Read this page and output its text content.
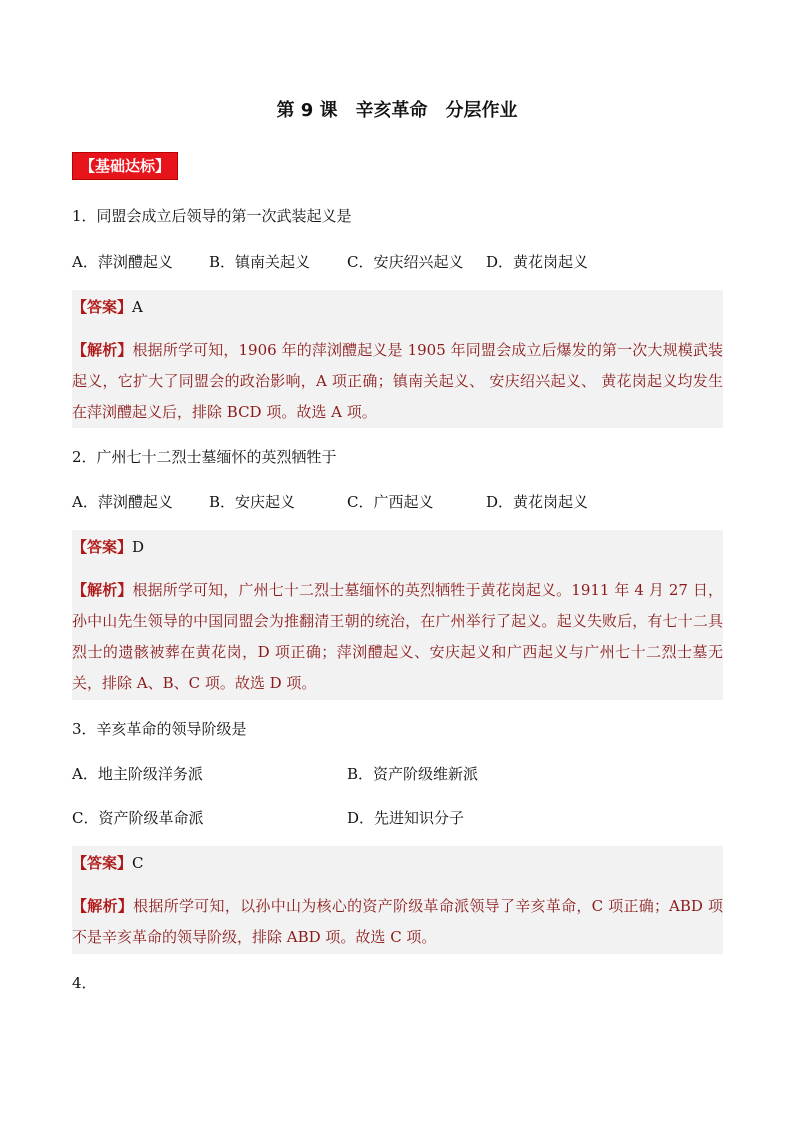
第 9 课　辛亥革命　分层作业
【基础达标】
1．同盟会成立后领导的第一次武装起义是
A．萍浏醴起义 B．镇南关起义 C．安庆绍兴起义 D．黄花岗起义
【答案】A
【解析】根据所学可知，1906 年的萍浏醴起义是 1905 年同盟会成立后爆发的第一次大规模武装起义，它扩大了同盟会的政治影响，A 项正确；镇南关起义、 安庆绍兴起义、 黄花岗起义均发生在萍浏醴起义后，排除 BCD 项。故选 A 项。
2．广州七十二烈士墓缅怀的英烈牺牲于
A．萍浏醴起义 B．安庆起义	C．广西起义	D．黄花岗起义
【答案】D
【解析】根据所学可知，广州七十二烈士墓缅怀的英烈牺牲于黄花岗起义。1911 年 4 月 27 日，孙中山先生领导的中国同盟会为推翻清王朝的统治，在广州举行了起义。起义失败后，有七十二具烈士的遗骸被葬在黄花岗，D 项正确；萍浏醴起义、安庆起义和广西起义与广州七十二烈士墓无关，排除 A、B、C 项。故选 D 项。
3．辛亥革命的领导阶级是
A．地主阶级洋务派	B．资产阶级维新派
C．资产阶级革命派	D．先进知识分子
【答案】C
【解析】根据所学可知，以孙中山为核心的资产阶级革命派领导了辛亥革命，C 项正确；ABD 项不是辛亥革命的领导阶级，排除 ABD 项。故选 C 项。
4．
